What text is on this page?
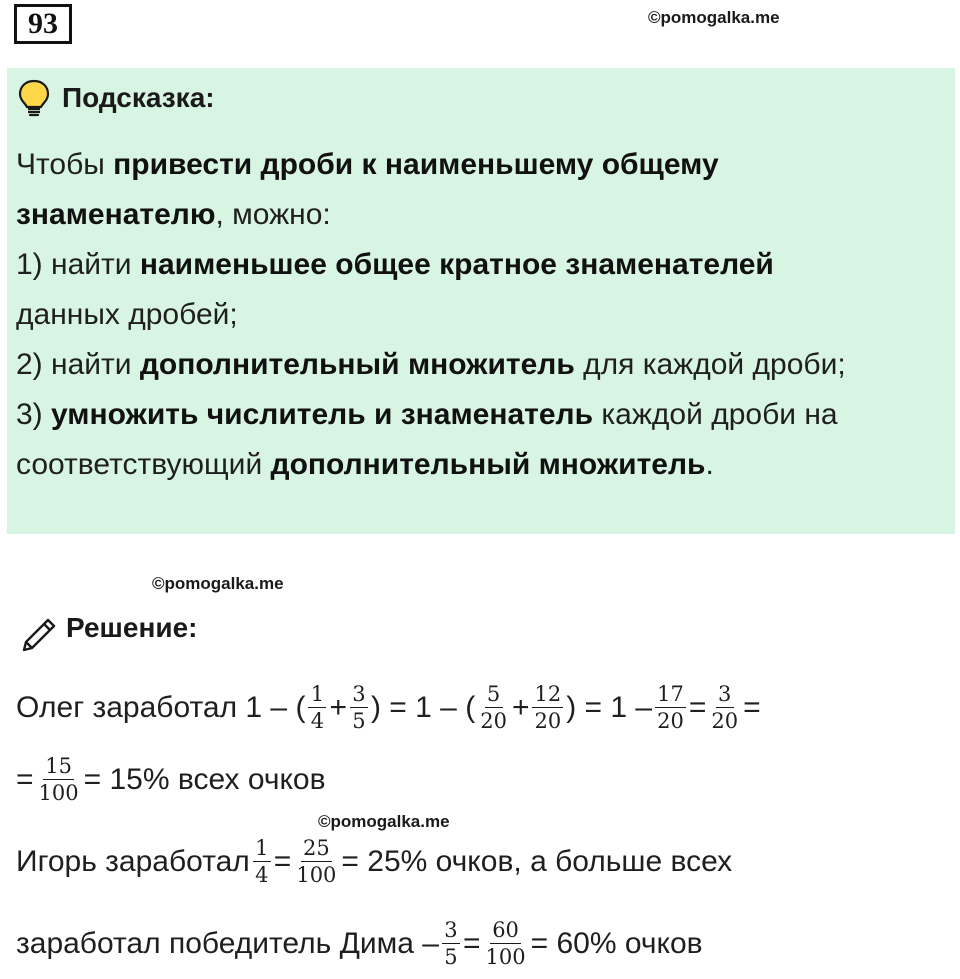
93	©pomogalka.me
Подсказка:

Чтобы привести дроби к наименьшему общему

знаменателю, можно:

1) найти наименьшее общее кратное знаменателей

данных дробей;

2) найти дополнительный множитель для каждой дроби;

3) умножить числитель и знаменатель каждой дроби на

соответствующий дополнительный множитель.

©pomogalka.me
Решение:
Олег заработал 1 – ( $\frac{1}{4} + \frac{3}{5}$ ) = 1 – ( $\frac{5}{20} + \frac{12}{20}$ ) = $1 - \frac{17}{20} = \frac{3}{20}$ =
= $\frac{15}{100} = 15\%$ всех очков
©pomogalka.me
Игорь заработал $\frac{1}{4} = \frac{25}{100} = 25\%$ очков, а больше всех
заработал победитель Дима – $\frac{3}{5} = \frac{60}{100} = 60\%$ очков
